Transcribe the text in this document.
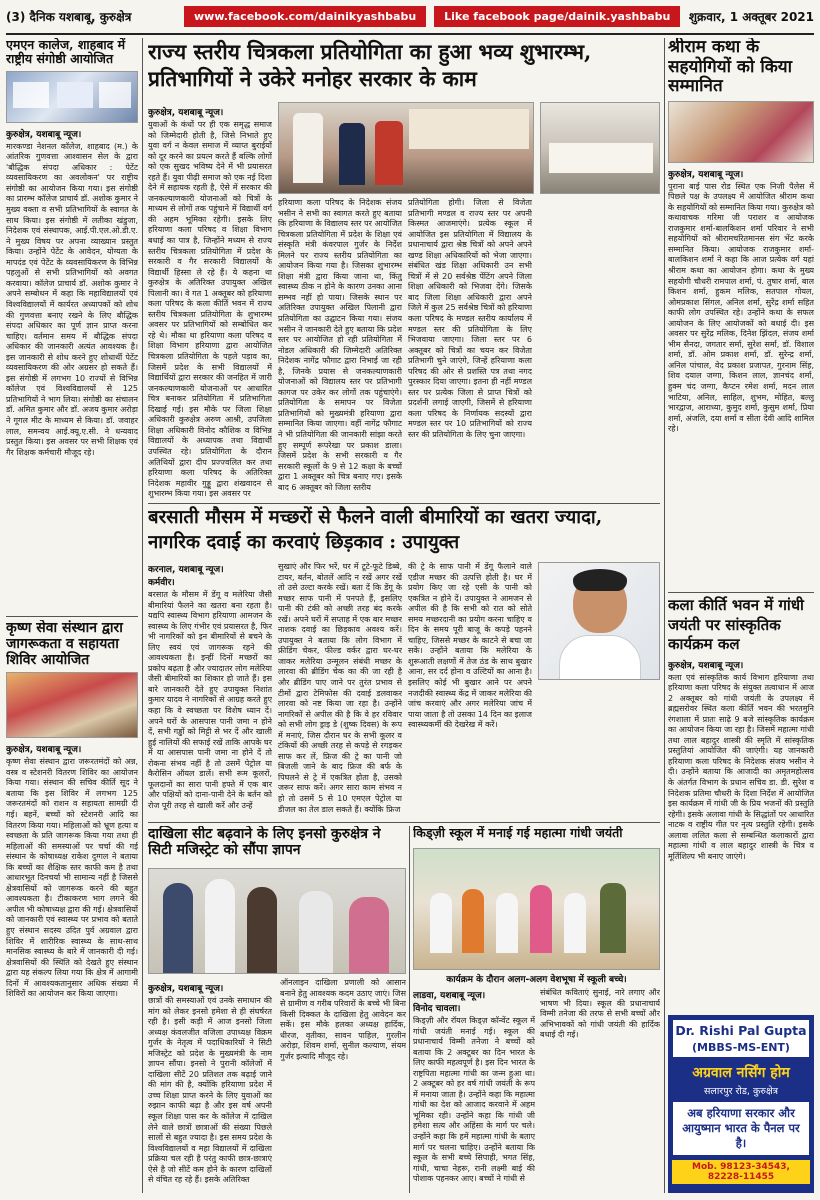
(3) दैनिक यशबाबू, कुरुक्षेत्र	www.facebook.com/dainikyashbabu	Like facebook page/dainik.yashbabu	शुक्रवार, 1 अक्तूबर 2021
एमएन कालेज, शाहबाद में राष्ट्रीय संगोष्ठी आयोजित
कुरुक्षेत्र, यशबाबू न्यूज।
मारकण्डा नेशनल कॉलेज, शाहबाद (म.) के आंतरिक गुणवत्ता आश्वासन सेल के द्वारा 'बौद्धिक संपदा अधिकार : पेटेंट व्यवसायिकरण का अवलोकन' पर राष्ट्रीय संगोष्ठी का आयोजन किया गया। इस संगोष्ठी का प्रारम्भ कॉलेज प्राचार्य डॉ. अशोक कुमार ने मुख्य वक्ता व सभी प्रतिभागियों के स्वागत के साथ किया। इस संगोष्ठी में लतीका खंडुजा, निदेशक एवं संस्थापक, आई.पी.एल.ओ.डी.ए. ने मुख्य विषय पर अपना व्याख्यान प्रस्तुत किया। उन्होंने पेटेंट के आवेदन, योग्यता के मापदंड एवं पेटेंट के व्यवसायिकरण के विभिन्न पहलुओं से सभी प्रतिभागियों को अवगत करवाया। कॉलेज प्राचार्य डॉ. अशोक कुमार ने अपने सम्बोधन में कहा कि महाविद्यालयों एवं विश्वविद्यालयों में कार्यरत अध्यापकों को शोध की गुणवत्ता बनाए रखने के लिए बौद्धिक संपदा अधिकार का पूर्ण ज्ञान प्राप्त करना चाहिए। वर्तमान समय में बौद्धिक संपदा अधिकार की जानकारी अत्यंत आवश्यक है। इस जानकारी से शोध करने हुए शोधार्थी पेटेंट व्यवसायिकरण की ओर अग्रसर हो सकते हैं। इस संगोष्ठी में लगभग 10 राज्यों से विभिन्न कॉलेज एवं विश्वविद्यालयों से 125 प्रतिभागियों ने भाग लिया। संगोष्ठी का संचालन डॉ. अमित कुमार और डॉ. अजय कुमार अरोड़ा ने गूगल मीट के माध्यम से किया। डॉ. जवाहर लाल, समन्वय आई.क्यू.ए.सी. ने धन्यवाद प्रस्तुत किया। इस अवसर पर सभी शिक्षक एवं गैर शिक्षक कर्मचारी मौजूद रहे।
कृष्ण सेवा संस्थान द्वारा जागरूकता व सहायता शिविर आयोजित
कुरुक्षेत्र, यशबाबू न्यूज।
कृष्ण सेवा संस्थान द्वारा जरूरतमंदों को अन्न, वस्त्र व स्टेशनरी वितरण शिविर का आयोजन किया गया। संस्थान की सचिव कीर्ति सूद ने बताया कि इस शिविर में लगभग 125 जरूरतमंदों को राशन व सहायता सामग्री दी गई। बहनें, बच्चों को स्टेशनरी आदि का वितरण किया गया। महिलाओं को भ्रूण हत्या व स्वच्छता के प्रति जागरूक किया गया तथा ही महिलाओं की समस्याओं पर चर्चा की गई संस्थान के कोषाध्यक्ष राकेश दुग्गल ने बताया कि बच्चों का शैक्षिक स्तर काफी कम है तथा आधारभूत दिनचर्या भी सामान्य नहीं है जिससे क्षेत्रवासियों को जागरूक करने की बहुत आवश्यकता है। टीकाकरण भाग लगने की अपील भी कोषाध्यक्ष द्वारा की गई। क्षेत्रवासियों को जानकारी एवं स्वास्थ्य पर प्रभाव को बताते हुए संस्थान सदस्य उदित पुर्व अग्रवाल द्वारा शिविर में शारीरिक स्वास्थ्य के साथ-साथ मानसिक स्वास्थ्य के बारे में जानकारी दी गई। क्षेत्रवासियों की स्थिति को देखते हुए संस्थान द्वारा यह संकल्प लिया गया कि क्षेत्र में आगामी दिनों में आवश्यकतानुसार अधिक संख्या में शिविरों का आयोजन कर किया जाएगा।
राज्य स्तरीय चित्रकला प्रतियोगिता का हुआ भव्य शुभारम्भ, प्रतिभागियों ने उकेरे मनोहर सरकार के काम
कुरुक्षेत्र, यशबाबू न्यूज।
युवाओं के कंधों पर ही एक समृद्ध समाज को जिम्मेदारी होती है, जिसे निभाते हुए युवा वर्ग न केवल समाज में व्याप्त बुराईयों को दूर करने का प्रयत्न करते हैं बल्कि लोगों को एक सुखद भविष्य देने में भी प्रयासरत रहते हैं। युवा पीढ़ी समाज को एक नई दिशा देने में सहायक रहती है, ऐसे में सरकार की जनकल्याणकारी योजनाओं को चित्रों के माध्यम से लोगों तक पहुंचाने में विद्यार्थी वर्ग की अहम भूमिका रहेगी। इसके लिए हरियाणा कला परिषद व शिक्षा विभाग बधाई का पात्र है, जिन्होंने मध्यम से राज्य स्तरीय चित्रकला प्रतियोगिता में प्रदेश के सरकारी व गैर सरकारी विद्यालयों के विद्यार्थी हिस्सा ले रहे हैं। ये कहना था कुरुक्षेत्र के अतिरिक्त उपायुक्त अखिल पिलानी का। वे गत 1 अक्तूबर को हरियाणा कला परिषद के कला कीर्ति भवन में राज्य स्तरीय चित्रकला प्रतियोगिता के शुभारम्भ अवसर पर प्रतिभागियों को सम्बोधित कर रहे थे। मौका था हरियाणा कला परिषद व शिक्षा विभाग हरियाणा द्वारा आयोजित चित्रकला प्रतियोगिता के पहले पड़ाव का, जिसमें प्रदेश के सभी विद्यालयों में विद्यार्थियों द्वारा सरकार की जनहित में जारी जनकल्याणकारी योजनाओं पर आधारित चित्र बनाकर प्रतियोगिता में प्रतिभागिता दिखाई गई। इस मौके पर जिला शिक्षा अधिकारी कुरुक्षेत्र अरुण आश्री, उपजिला शिक्षा अधिकारी विनोद कौशिक व विभिन्न विद्यालयों के अध्यापक तथा विद्यार्थी उपस्थित रहे। प्रतियोगिता के दौरान अतिथियों द्वारा दीप प्रज्ज्वलित कर तथा हरियाणा कला परिषद के अतिरिक्त निदेशक महावीर गुड्डू द्वारा शंखवादन से शुभारम्भ किया गया। इस अवसर पर
हरियाणा कला परिषद के निदेशक संजय भसीन ने सभी का स्वागत करते हुए बताया कि हरियाणा के विद्यालय स्तर पर आयोजित चित्रकला प्रतियोगिता में प्रदेश के शिक्षा एवं संस्कृति मंत्री कंवरपाल गुर्जर के निर्देश मिलने पर राज्य स्तरीय प्रतियोगिता का आयोजन किया गया है। जिसका शुभारम्भ शिक्षा मंत्री द्वारा किया जाना था, किंतु स्वास्थ्य ठीक न होने के कारण उनका आना सम्भव नहीं हो पाया। जिसके स्थान पर अतिरिक्त उपायुक्त अखिल पिलानी द्वारा प्रतियोगिता का उद्घाटन किया गया। संजय भसीन ने जानकारी देते हुए बताया कि प्रदेश स्तर पर आयोजित हो रही प्रतियोगिता में नोडल अधिकारी की जिम्मेदारी अतिरिक्त निदेशक नागेंद्र फौगाट द्वारा निभाई जा रही है, जिनके प्रयास से जनकल्याणकारी योजनाओं को विद्यालय स्तर पर प्रतिभागी कागज पर उकेर कर लोगों तक पहुंचाएंगे। प्रतियोगिता के समापन पर विजेता प्रतिभागियों को मुख्यमंत्री हरियाणा द्वारा सम्मानित किया जाएगा। वहीं नागेंद्र फौगाट ने भी प्रतियोगिता की जानकारी सांझा करते हुए सम्पूर्ण रूपरेखा पर प्रकाश डाला। जिसमें प्रदेश के सभी सरकारी व गैर सरकारी स्कूलों के 9 से 12 कक्षा के बच्चों द्वारा 1 अक्तूबर को चित्र बनाए गए। इसके बाद 6 अक्तूबर को जिला स्तरीय
प्रतियोगिता होगी। जिला से विजेता प्रतिभागी मण्डल व राज्य स्तर पर अपनी किस्मत आजमाएंगे। प्रत्येक स्कूल में आयोजित इस प्रतियोगिता में विद्यालय के प्रधानाचार्य द्वारा श्रेष्ठ चित्रों को अपने अपने खण्ड शिक्षा अधिकारियों को भेजा जाएगा। संबंधित खंड शिक्षा अधिकारी उन सभी चित्रों में से 20 सर्वश्रेष्ठ पेंटिंग अपने जिला शिक्षा अधिकारी को भिजवा देंगे। जिसके बाद जिला शिक्षा अधिकारी द्वारा अपने जिले में कुल 25 सर्वश्रेष्ठ चित्रों को हरियाणा कला परिषद के मण्डल स्तरीय कार्यालय में मण्डल स्तर की प्रतियोगिता के लिए भिजवाया जाएगा। जिला स्तर पर 6 अक्तूबर को चित्रों का चयन कर विजेता प्रतिभागी चुने जाएंगे, जिन्हें हरियाणा कला परिषद की ओर से प्रशस्ति पत्र तथा नगद पुरस्कार दिया जाएगा। इतना ही नहीं मण्डल स्तर पर प्रत्येक जिला से प्राप्त चित्रों को प्रदर्शनी लगाई जाएगी, जिसमें से हरियाणा कला परिषद के निर्णायक सदस्यों द्वारा मण्डल स्तर पर 10 प्रतिभागियों को राज्य स्तर की प्रतियोगिता के लिए चुना जाएगा।
बरसाती मौसम में मच्छरों से फैलने वाली बीमारियों का खतरा ज्यादा, नागरिक दवाई का करवाएं छिड़काव : उपायुक्त
करनाल, यशबाबू न्यूज।
कर्मवीर।
बरसात के मौसम में डेंगू व मलेरिया जैसी बीमारियां फैलने का खतरा बना रहता है। यद्यपि स्वास्थ्य विभाग हरियाणा आमजन के स्वास्थ्य के लिए गंभीर एवं प्रयासरत है, फिर भी नागरिकों को इन बीमारियों से बचने के लिए स्वयं एवं जागरूक रहने की आवश्यकता है। इन्हीं दिनों मच्छरों का प्रकोप बढ़ता है और ज्यादातर लोग मलेरिया जैसी बीमारियों का शिकार हो जाते हैं। इस बारे जानकारी देते हुए उपायुक्त निशांत कुमार यादव ने नागरिकों से आग्रह करते हुए कहा कि वे स्वच्छता पर विशेष ध्यान दें। अपने घरों के आसपास पानी जमा न होने दें, सभी गड्ढों को मिट्टी से भर दें और खाली हुई नालियों की सफाई रखें ताकि आपके घर में या आसपास पानी जमा ना होने दें तो रोकना संभव नहीं है तो उसमें पेट्रोल या कैरोसिन ऑयल डालें। सभी रूम कूलरों, फूलदानों का सारा पानी हफ्ते में एक बार और पक्षियों को दाना-पानी देने के बर्तन को रोज पूरी तरह से खाली करें और उन्हें
सुखाएं और फिर भरें, घर में टूटे-फूटे डिब्बे, टायर, बर्तन, बोतलें आदि न रखें अगर रखें तो उसे उल्टा करके रखें। बता दें कि डेंगू के मच्छर साफ पानी में पनपते हैं, इसलिए पानी की टंकी को अच्छी तरह बंद करके रखें। अपने घरों में सप्ताह में एक बार मच्छर नाशक दवाई का छिड़काव अवश्य करें। उपायुक्त ने बताया कि लोग विभाग में फ्रीडिंग चेकर, फील्ड वर्कर द्वारा घर-घर जाकर मलेरिया उन्मूलन संबंधी मच्छर के लारवा की ब्रीडिंग चेक का की जा रही है और ब्रीडिंग पाए जाने पर तुरंत प्रभाव से टीमों द्वारा टेमिफोस की दवाई डलवाकर लारवा को नष्ट किया जा रहा है। उन्होंने नागरिकों से अपील की है कि वे हर रविवार को सभी लोग ड्राइ डे (शुष्क दिवस) के रूप में मनाएं, जिस दौरान घर के सभी कूलर व टंकियों की अच्छी तरह से कपड़े से रगड़कर साफ कर लें, फ्रिज की ट्रे का पानी जो बिजली जाने के बाद फ्रिज की बर्फ के पिघलने से ट्रे में एकत्रित होता है, उसको जरूर साफ करें। अगर सारा काम संभव न हो तो उसमें 5 से 10 एमएल पेट्रोल या डीजल का तेल डाल सकते हैं। क्योंकि फ्रिज
की ट्रे के साफ पानी में डेंगू फैलाने वाले एडीज मच्छर की उत्पत्ति होती है। घर में प्रयोग किए जा रहे एसी के पानी को एकत्रित न होने दें। उपायुक्त ने आमजन से अपील की है कि सभी को रात को सोते समय मच्छरदानी का प्रयोग करना चाहिए व दिन के समय पूरी बाजू के कपड़े पहनने चाहिए, जिससे मच्छर के काटने से बचा जा सके। उन्होंने बताया कि मलेरिया के शुरूआती लक्षणों में तेज ठंड के साथ बुखार आना, सर दर्द होना व उल्टियों का आना है। इसलिए कोई भी बुखार आने पर अपने नजदीकी स्वास्थ्य केंद्र में जाकर मलेरिया की जांच करवाएं और अगर मलेरिया जांच में पाया जाता है तो उसका 14 दिन का इलाज स्वास्थ्यकर्मी की देखरेख में करें।
दाखिला सीट बढ़वाने के लिए इनसो कुरुक्षेत्र ने सिटी मजिस्ट्रेट को सौंपा ज्ञापन
कुरुक्षेत्र, यशबाबू न्यूज।
छात्रों की समस्याओं एवं उनके समाधान की मांग को लेकर इनसो हमेशा से ही संघर्षरत रही है। इसी कड़ी में आज इनसो जिला अध्यक्ष कंवलजीत वजिला उपाध्यक्ष विक्रम गुर्जर के नेतृत्व में पदाधिकारियों ने सिटी मजिस्ट्रेट को प्रदेश के मुख्यमंत्री के नाम ज्ञापन सौंपा। इनसो ने पुरानी कॉलेजों में दाखिला सीटें 20 प्रतिशत तक बढ़ाई जाने की मांग की है, क्योंकि हरियाणा प्रदेश में उच्च शिक्षा प्राप्त करने के लिए युवाओं का रुझान काफी बढ़ा है और इस वर्ष अपनी स्कूल शिक्षा पास कर के कॉलेज में दाखिल लेने वाले छात्रों छात्राओं की संख्या पिछले सालों से बहुत ज्यादा है। इस समय प्रदेश के विश्वविद्यालयों व महा विद्यालयों में दाखिला प्रक्रिया चल रही है परंतु काफी छात्र-छात्राएं ऐसे है जो सीटें कम होने के कारण दाखिलों से वंचित रह रहे हैं। इसके अतिरिक्त
ऑनलाइन दाखिला प्रणाली को आसान बनाने हेतु आवश्यक कदम उठाए जाएं। जिस से ग्रामीण व गरीब परिवारों के बच्चे भी बिना किसी दिक्कत के दाखिला हेतु आवेदन कर सकें। इस मौके हलका अध्यक्ष हार्दिक, धीरज, वृतीका, सावन पाहिल, गुरलीन अरोड़ा, शिवम शर्मा, सुनील कल्याण, संयम गुर्जर इत्यादि मौजूद रहे।
किड्ज़ी स्कूल में मनाई गई महात्मा गांधी जयंती
कार्यक्रम के दौरान अलग-अलग वेशभूषा में स्कूली बच्चे।
लाडवा, यशबाबू न्यूज।
विनोद चावला।
किड्ज़ी और रॉयल किड्ज़ कॉन्वेंट स्कूल में गांधी जयंती मनाई गई। स्कूल की प्रधानाचार्य विम्मी तनेजा ने बच्चों को बताया कि 2 अक्टूबर का दिन भारत के लिए काफी महत्वपूर्ण है। इस दिन भारत के राष्ट्रपिता महात्मा गांधी का जन्म हुआ था। 2 अक्टूबर को हर वर्ष गांधी जयंती के रूप में मनाया जाता है। उन्होंने कहा कि महात्मा गांधी का देश को आजाद करवाने में अहम भूमिका रही। उन्होंने कहा कि गांधी जी हमेशा सत्य और अहिंसा के मार्ग पर चले। उन्होंने कहा कि हमें महात्मा गांधी के बताए मार्ग पर चलना चाहिए। उन्होंने बताया कि स्कूल के सभी बच्चे सिपाही, भगत सिंह, गांधी, चाचा नेहरू, रानी लक्ष्मी बाई की पोशाक पहनकर आए। बच्चों ने गांधी से
संबंधित कविताएं सुनाई, नारे लगाए और भाषण भी दिया। स्कूल की प्रधानाचार्य विम्मी तनेजा की तरफ से सभी बच्चों और अभिभावकों को गांधी जयंती की हार्दिक बधाई दी गई।
श्रीराम कथा के सहयोगियों को किया सम्मानित
कुरुक्षेत्र, यशबाबू न्यूज।
पुराना बाई पास रोड स्थित एक निजी पैलेस में पिछले पक्ष के उपलक्ष्य में आयोजित श्रीराम कथा के सहयोगियों को सम्मानित किया गया। कुरुक्षेत्र को कथावाचक गरिमा जी पराशर व आयोजक राजकुमार शर्मा-बालकिशन शर्मा परिवार ने सभी सहयोगियों को श्रीरामचरितमानस संग भेंट करके सम्मानित किया। आयोजक राजकुमार शर्मा-बालकिशन शर्मा ने कहा कि आज प्रत्येक वर्ग यहां श्रीराम कथा का आयोजन होगा। कथा के मुख्य सहयोगी चौधरी रामपाल शर्मा, पं. तुषार शर्मा, बाल किशन शर्मा, हुकम मलिक, सतपाल गोयल, ओमप्रकाश सिंगल, अनिल शर्मा, सुरेंद्र शर्मा सहित काफी लोग उपस्थित रहे। उन्होंने कथा के सफल आयोजन के लिए आयोजकों को बधाई दी। इस अवसर पर सुरेंद्र मलिक, दिनेश झिंदल, संजय शर्मा भीम सैनदा, जगतार सर्मा, सुरेश सर्मा, डॉ. विशाल शर्मा, डॉ. ओम प्रकाश शर्मा, डॉ. सुरेन्द्र शर्मा, अनिल पांचाल, वेद प्रकाश प्रजापत, गुरनाम सिंह, शिव दयाल जग्गा, किशन लाल, ज्ञानचंद शर्मा, हुक्म चंद जग्गा, कैप्टन रमेश शर्मा, मदन लाल भाटिया, अनिल, साहिल, शुभम, मोहित, बल्लू भारद्वाज, आराध्या, कुमुद शर्मा, कुसुम शर्मा, प्रिया शर्मा, अंजलि, दया शर्मा व सीता देवी आदि शामिल रहे।
कला कीर्ति भवन में गांधी जयंती पर सांस्कृतिक कार्यक्रम कल
कुरुक्षेत्र, यशबाबू न्यूज।
कला एवं सांस्कृतिक कार्य विभाग हरियाणा तथा हरियाणा कला परिषद के संयुक्त तत्वाधान में आज 2 अक्तूबर को गांधी जयंती के उपलक्ष्य में ब्रह्मसरोवर स्थित कला कीर्ति भवन की भरतमुनि रंगशाला में प्रातः साढ़े 9 बजे सांस्कृतिक कार्यक्रम का आयोजन किया जा रहा है। जिसमें महात्मा गांधी तथा लाल बहादुर शास्त्री की स्मृति में सांस्कृतिक प्रस्तुतियां आयोजित की जाएंगी। यह जानकारी हरियाणा कला परिषद के निदेशक संजय भसीन ने दी। उन्होंने बताया कि आजादी का अमृतमहोत्सव के अंतर्गत विभाग के प्रधान सचिव डा. डी. सुरेश व निदेशक प्रतिमा चौधरी के दिशा निर्देश में आयोजित इस कार्यक्रम में गांधी जी के प्रिय भजनों की प्रस्तुति रहेगी। इसके अलावा गांधी के सिद्धांतों पर आधारित नाटक व राष्ट्रीय गीत पर नृत्य प्रस्तुति रहेगी। इसके अलावा ललित कला से सम्बन्धित कलाकारों द्वारा महात्मा गांधी व लाल बहादुर शास्त्री के चित्र व मूर्तिशिल्प भी बनाए जाएंगे।
Dr. Rishi Pal Gupta
(MBBS-MS-ENT)
अग्रवाल नर्सिंग होम
सलारपुर रोड, कुरुक्षेत्र
अब हरियाणा सरकार और आयुष्मान भारत के पैनल पर है।
Mob. 98123-34543, 82228-11455
